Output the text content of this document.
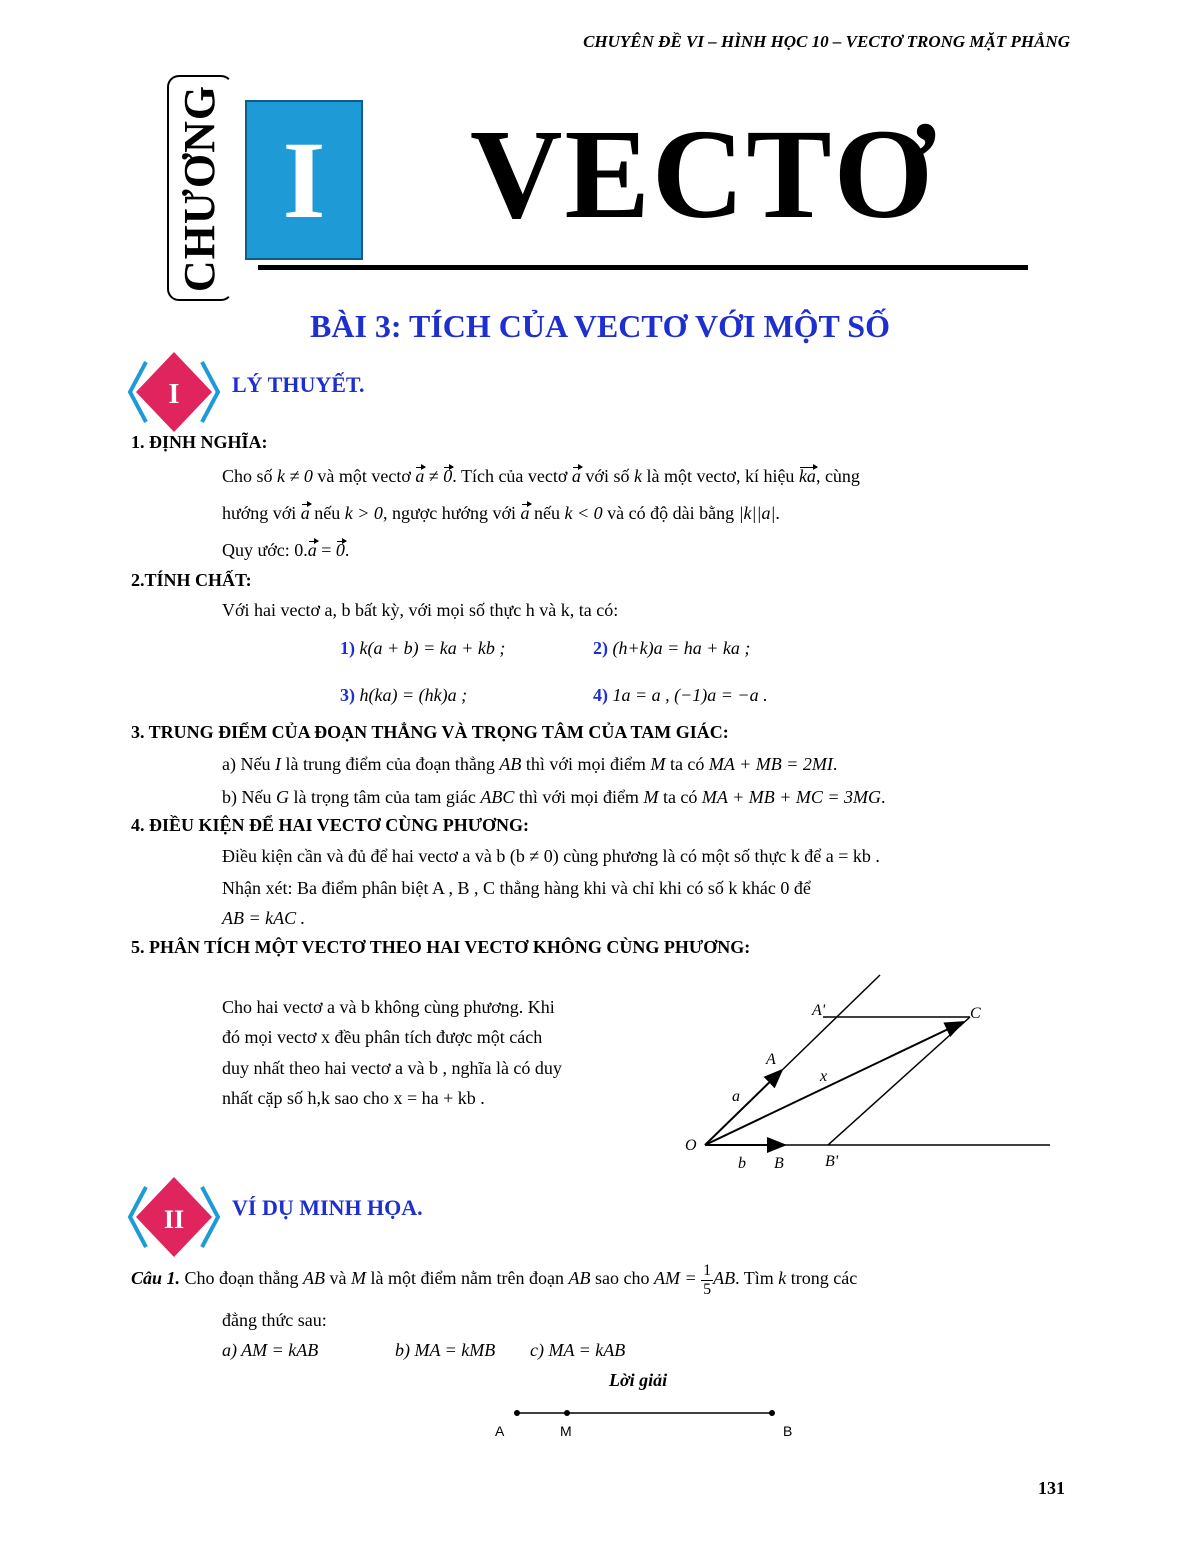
CHUYÊN ĐỀ VI – HÌNH HỌC 10 – VECTƠ TRONG MẶT PHẲNG
CHƯƠNG I VECTƠ
BÀI 3: TÍCH CỦA VECTƠ VỚI MỘT SỐ
I LÝ THUYẾT.
1. ĐỊNH NGHĨA:
Cho số k ≠ 0 và một vectơ a ≠ 0. Tích của vectơ a với số k là một vectơ, kí hiệu ka, cùng
hướng với a nếu k > 0, ngược hướng với a nếu k < 0 và có độ dài bằng |k||a|.
Quy ước: 0.a = 0.
2.TÍNH CHẤT:
Với hai vectơ a, b bất kỳ, với mọi số thực h và k, ta có:
1) k(a + b) = ka + kb ;	2) (h+k)a = ha + ka ;
3) h(ka) = (hk)a ;	4) 1a = a , (−1)a = −a .
3. TRUNG ĐIỂM CỦA ĐOẠN THẲNG VÀ TRỌNG TÂM CỦA TAM GIÁC:
a) Nếu I là trung điểm của đoạn thẳng AB thì với mọi điểm M ta có MA + MB = 2MI.
b) Nếu G là trọng tâm của tam giác ABC thì với mọi điểm M ta có MA + MB + MC = 3MG.
4. ĐIỀU KIỆN ĐỂ HAI VECTƠ CÙNG PHƯƠNG:
Điều kiện cần và đủ để hai vectơ a và b (b ≠ 0) cùng phương là có một số thực k để a = kb .
Nhận xét: Ba điểm phân biệt A , B , C thẳng hàng khi và chỉ khi có số k khác 0 để
AB = kAC .
5. PHÂN TÍCH MỘT VECTƠ THEO HAI VECTƠ KHÔNG CÙNG PHƯƠNG:
Cho hai vectơ a và b không cùng phương. Khi
đó mọi vectơ x đều phân tích được một cách
duy nhất theo hai vectơ a và b , nghĩa là có duy
nhất cặp số h,k sao cho x = ha + kb .
O
A
A'	C
B	B'
a
b
x
II VÍ DỤ MINH HỌA.
Câu 1. Cho đoạn thẳng AB và M là một điểm nằm trên đoạn AB sao cho AM = $\frac{1}{5}$ AB. Tìm k trong các
đẳng thức sau:
a) AM = kAB	b) MA = kMB c) MA = kAB
Lời giải
A	M	B
131
